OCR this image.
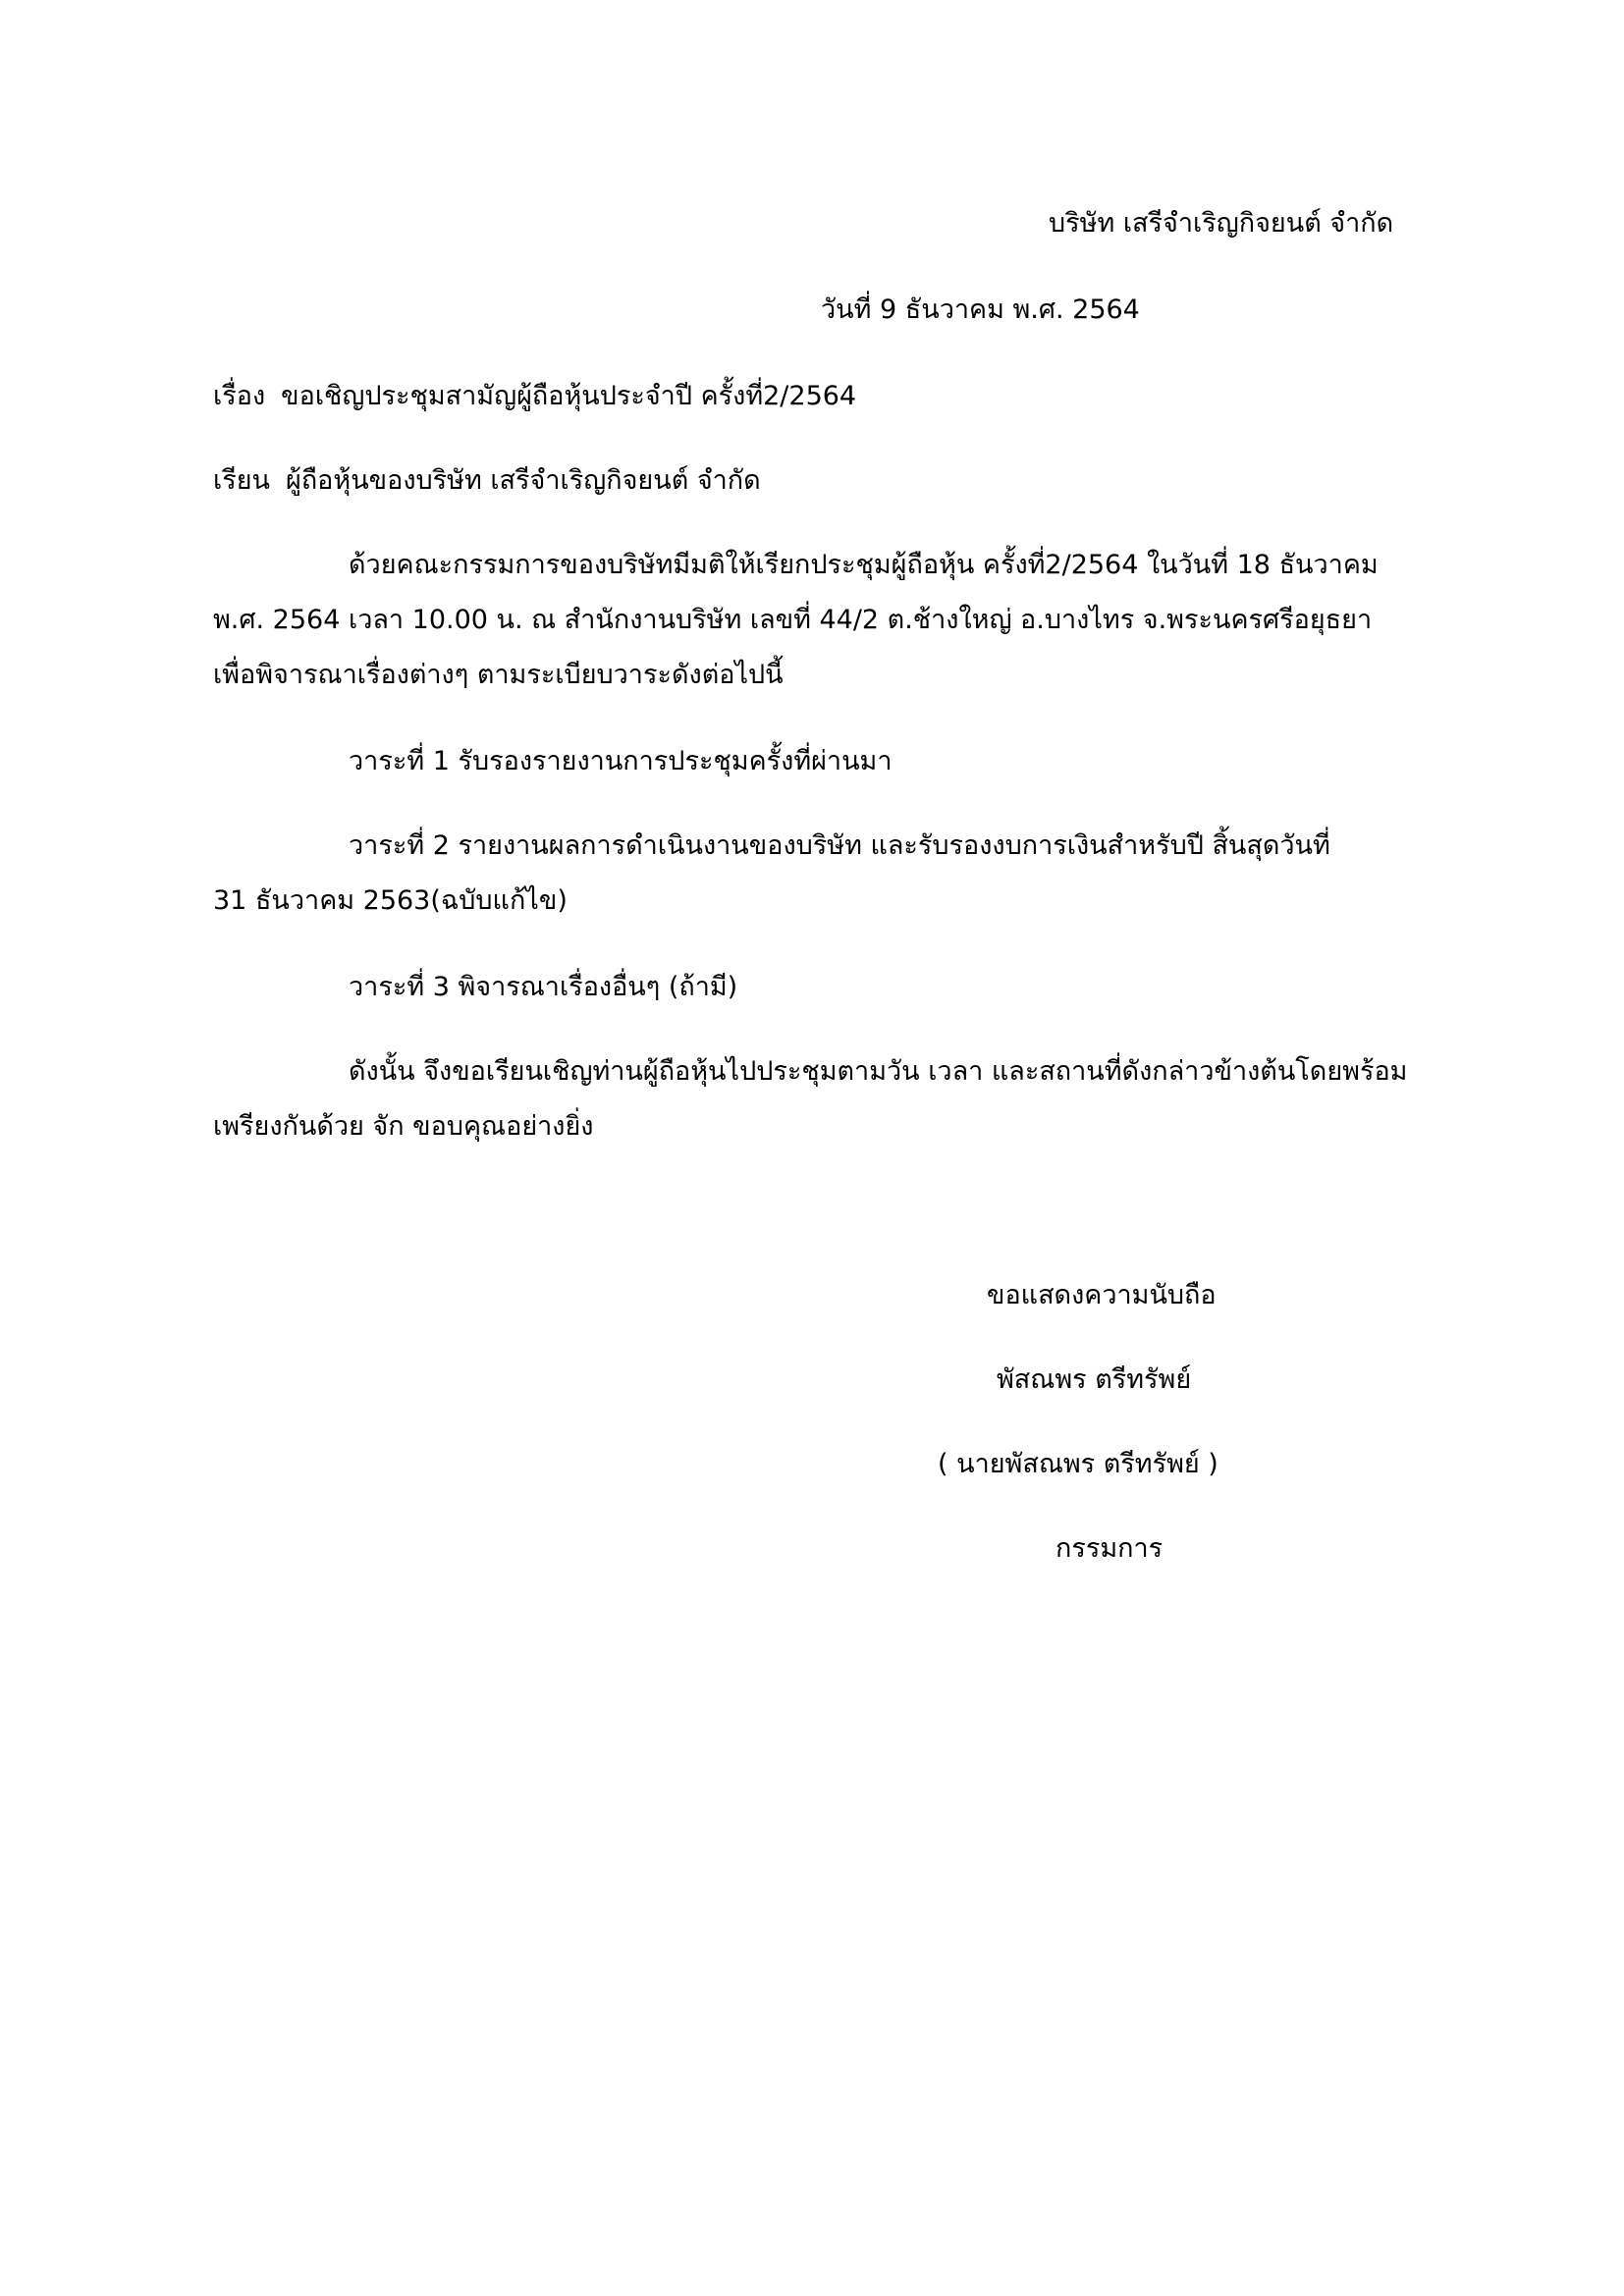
บริษัท เสรีจำเริญกิจยนต์ จำกัด
วันที่ 9 ธันวาคม พ.ศ. 2564
เรื่อง ขอเชิญประชุมสามัญผู้ถือหุ้นประจำปี ครั้งที่2/2564
เรียน ผู้ถือหุ้นของบริษัท เสรีจำเริญกิจยนต์ จำกัด
ด้วยคณะกรรมการของบริษัทมีมติให้เรียกประชุมผู้ถือหุ้น ครั้งที่2/2564 ในวันที่ 18 ธันวาคม
พ.ศ. 2564 เวลา 10.00 น. ณ สำนักงานบริษัท เลขที่ 44/2 ต.ช้างใหญ่ อ.บางไทร จ.พระนครศรีอยุธยา
เพื่อพิจารณาเรื่องต่างๆ ตามระเบียบวาระดังต่อไปนี้
วาระที่ 1 รับรองรายงานการประชุมครั้งที่ผ่านมา
วาระที่ 2 รายงานผลการดำเนินงานของบริษัท และรับรองงบการเงินสำหรับปี สิ้นสุดวันที่
31 ธันวาคม 2563(ฉบับแก้ไข)
วาระที่ 3 พิจารณาเรื่องอื่นๆ (ถ้ามี)
ดังนั้น จึงขอเรียนเชิญท่านผู้ถือหุ้นไปประชุมตามวัน เวลา และสถานที่ดังกล่าวข้างต้นโดยพร้อม
เพรียงกันด้วย จัก ขอบคุณอย่างยิ่ง
ขอแสดงความนับถือ
พัสณพร ตรีทรัพย์
( นายพัสณพร ตรีทรัพย์ )
กรรมการ
